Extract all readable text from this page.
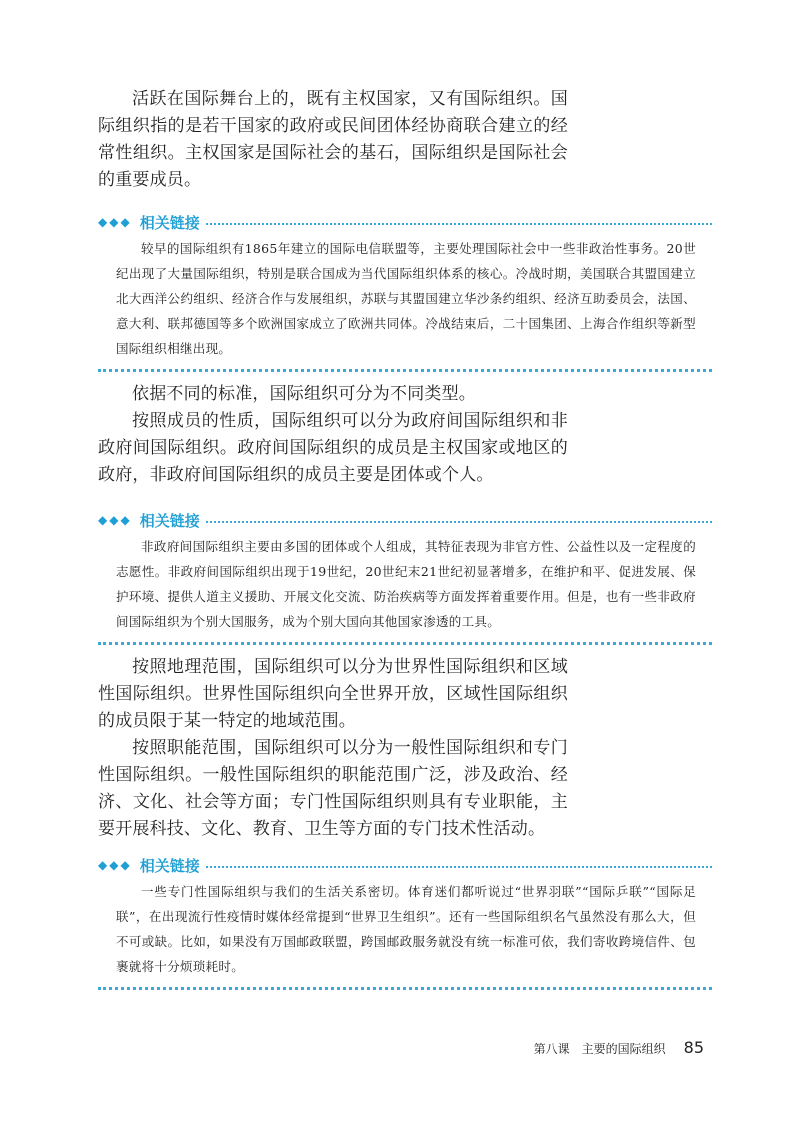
活跃在国际舞台上的，既有主权国家，又有国际组织。国际组织指的是若干国家的政府或民间团体经协商联合建立的经常性组织。主权国家是国际社会的基石，国际组织是国际社会的重要成员。

◆◆◆ 相关链接

较早的国际组织有1865年建立的国际电信联盟等，主要处理国际社会中一些非政治性事务。20世纪出现了大量国际组织，特别是联合国成为当代国际组织体系的核心。冷战时期，美国联合其盟国建立北大西洋公约组织、经济合作与发展组织，苏联与其盟国建立华沙条约组织、经济互助委员会，法国、意大利、联邦德国等多个欧洲国家成立了欧洲共同体。冷战结束后，二十国集团、上海合作组织等新型国际组织相继出现。

依据不同的标准，国际组织可分为不同类型。

按照成员的性质，国际组织可以分为政府间国际组织和非政府间国际组织。政府间国际组织的成员是主权国家或地区的政府，非政府间国际组织的成员主要是团体或个人。

◆◆◆ 相关链接

非政府间国际组织主要由多国的团体或个人组成，其特征表现为非官方性、公益性以及一定程度的志愿性。非政府间国际组织出现于19世纪，20世纪末21世纪初显著增多，在维护和平、促进发展、保护环境、提供人道主义援助、开展文化交流、防治疾病等方面发挥着重要作用。但是，也有一些非政府间国际组织为个别大国服务，成为个别大国向其他国家渗透的工具。

按照地理范围，国际组织可以分为世界性国际组织和区域性国际组织。世界性国际组织向全世界开放，区域性国际组织的成员限于某一特定的地域范围。

按照职能范围，国际组织可以分为一般性国际组织和专门性国际组织。一般性国际组织的职能范围广泛，涉及政治、经济、文化、社会等方面；专门性国际组织则具有专业职能，主要开展科技、文化、教育、卫生等方面的专门技术性活动。

◆◆◆ 相关链接

一些专门性国际组织与我们的生活关系密切。体育迷们都听说过“世界羽联”“国际乒联”“国际足联”，在出现流行性疫情时媒体经常提到“世界卫生组织”。还有一些国际组织名气虽然没有那么大，但不可或缺。比如，如果没有万国邮政联盟，跨国邮政服务就没有统一标准可依，我们寄收跨境信件、包裹就将十分烦琐耗时。

第八课　主要的国际组织 85
